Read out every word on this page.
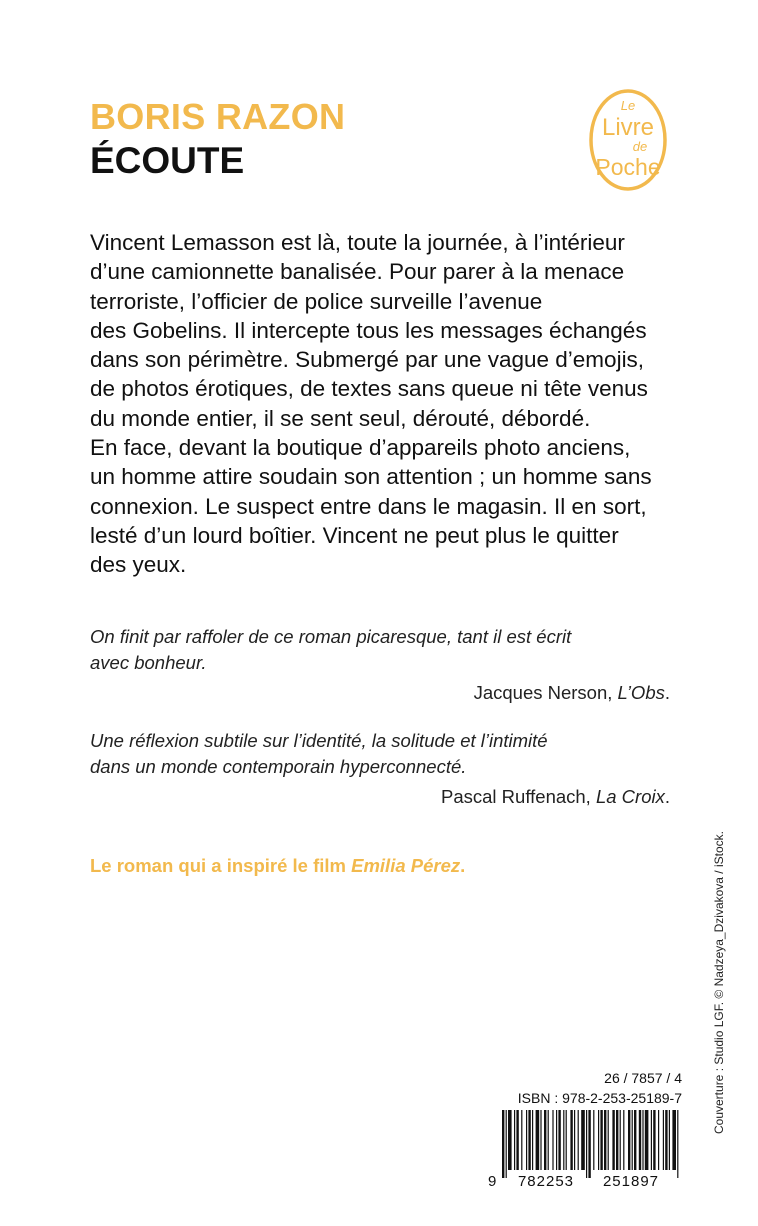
BORIS RAZON
ÉCOUTE
Le
Livre
de
Poche

Vincent Lemasson est là, toute la journée, à l’intérieur
d’une camionnette banalisée. Pour parer à la menace
terroriste, l’officier de police surveille l’avenue
des Gobelins. Il intercepte tous les messages échangés
dans son périmètre. Submergé par une vague d’emojis,
de photos érotiques, de textes sans queue ni tête venus
du monde entier, il se sent seul, dérouté, débordé.
En face, devant la boutique d’appareils photo anciens,
un homme attire soudain son attention ; un homme sans
connexion. Le suspect entre dans le magasin. Il en sort,
lesté d’un lourd boîtier. Vincent ne peut plus le quitter
des yeux.

On finit par raffoler de ce roman picaresque, tant il est écrit
avec bonheur.
Jacques Nerson, L’Obs.
Une réflexion subtile sur l’identité, la solitude et l’intimité
dans un monde contemporain hyperconnecté.
Pascal Ruffenach, La Croix.
Le roman qui a inspiré le film Emilia Pérez.	Couverture : Studio LGF. © Nadzeya_Dzivakova / iStock.
26 / 7857 / 4
ISBN : 978-2-253-25189-7
9 782253 251897
